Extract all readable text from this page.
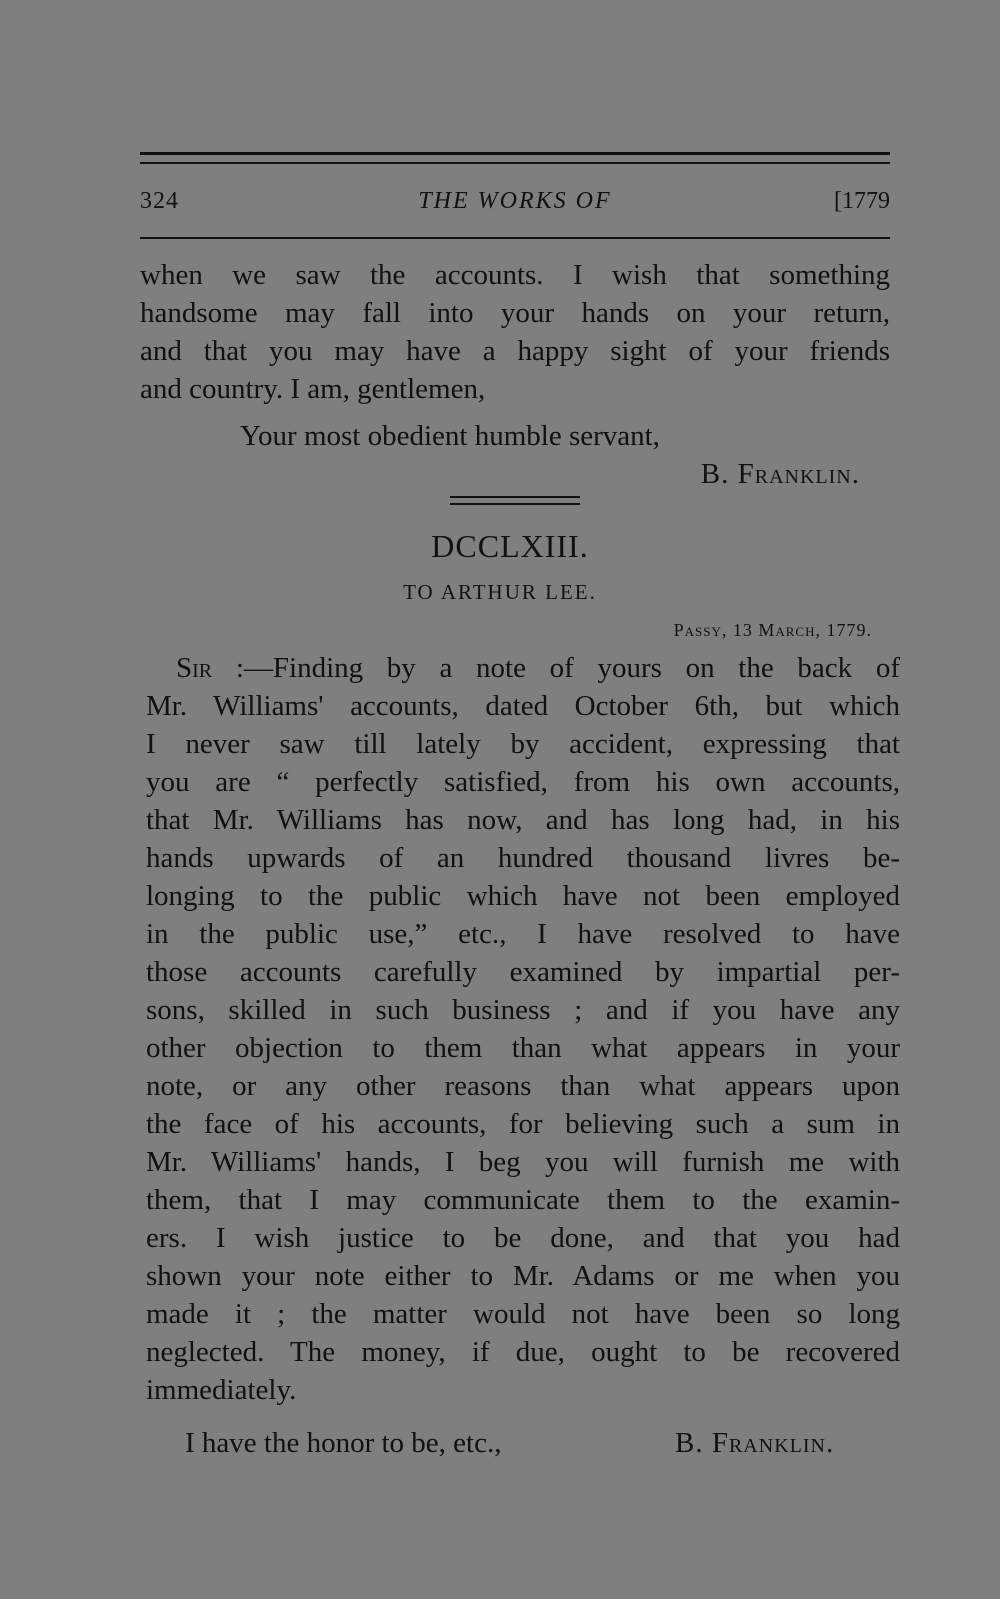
324	THE WORKS OF	[1779
when we saw the accounts. I wish that something
handsome may fall into your hands on your return,
and that you may have a happy sight of your friends
and country. I am, gentlemen,
Your most obedient humble servant,
B. Franklin.
DCCLXIII.
TO ARTHUR LEE.
Passy, 13 March, 1779.
Sir :—Finding by a note of yours on the back of
Mr. Williams' accounts, dated October 6th, but which
I never saw till lately by accident, expressing that
you are “ perfectly satisfied, from his own accounts,
that Mr. Williams has now, and has long had, in his
hands upwards of an hundred thousand livres be-
longing to the public which have not been employed
in the public use,” etc., I have resolved to have
those accounts carefully examined by impartial per-
sons, skilled in such business ; and if you have any
other objection to them than what appears in your
note, or any other reasons than what appears upon
the face of his accounts, for believing such a sum in
Mr. Williams' hands, I beg you will furnish me with
them, that I may communicate them to the examin-
ers. I wish justice to be done, and that you had
shown your note either to Mr. Adams or me when you
made it ; the matter would not have been so long
neglected. The money, if due, ought to be recovered
immediately.
I have the honor to be, etc.,	B. Franklin.
